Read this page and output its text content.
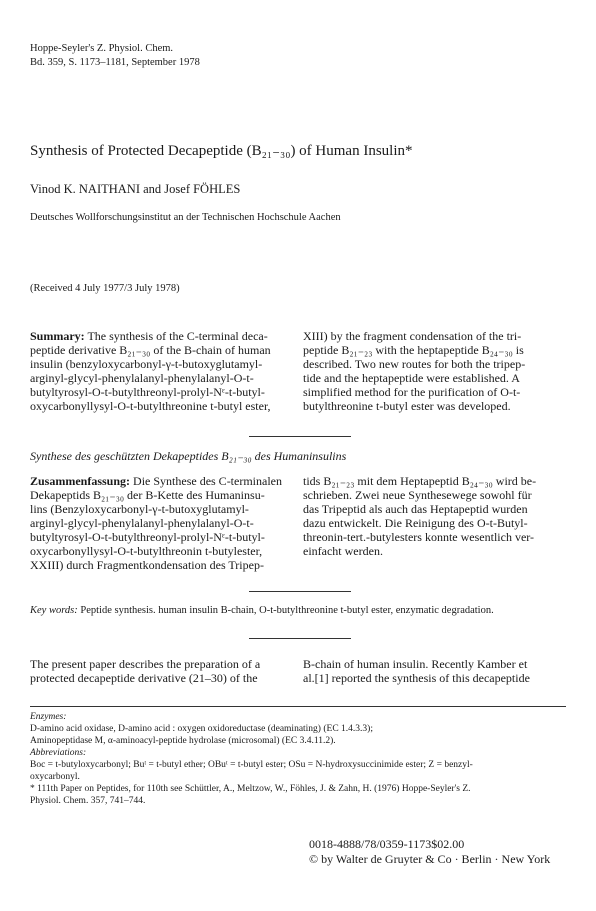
Hoppe-Seyler's Z. Physiol. Chem.
Bd. 359, S. 1173–1181, September 1978
Synthesis of Protected Decapeptide (B₂₁₋₃₀) of Human Insulin*
Vinod K. NAITHANI and Josef FÖHLES
Deutsches Wollforschungsinstitut an der Technischen Hochschule Aachen
(Received 4 July 1977/3 July 1978)
Summary: The synthesis of the C-terminal deca-
peptide derivative B₂₁₋₃₀ of the B-chain of human
insulin (benzyloxycarbonyl-γ-t-butoxyglutamyl-
arginyl-glycyl-phenylalanyl-phenylalanyl-O-t-
butyltyrosyl-O-t-butylthreonyl-prolyl-Nᵋ-t-butyl-
oxycarbonyllysyl-O-t-butylthreonine t-butyl ester,
XIII) by the fragment condensation of the tri-
peptide B₂₁₋₂₃ with the heptapeptide B₂₄₋₃₀ is
described. Two new routes for both the tripep-
tide and the heptapeptide were established. A
simplified method for the purification of O-t-
butylthreonine t-butyl ester was developed.
Synthese des geschützten Dekapeptides B₂₁₋₃₀ des Humaninsulins
Zusammenfassung: Die Synthese des C-terminalen
Dekapeptids B₂₁₋₃₀ der B-Kette des Humaninsu-
lins (Benzyloxycarbonyl-γ-t-butoxyglutamyl-
arginyl-glycyl-phenylalanyl-phenylalanyl-O-t-
butyltyrosyl-O-t-butylthreonyl-prolyl-Nᵋ-t-butyl-
oxycarbonyllysyl-O-t-butylthreonin t-butylester,
XXIII) durch Fragmentkondensation des Tripep-
tids B₂₁₋₂₃ mit dem Heptapeptid B₂₄₋₃₀ wird be-
schrieben. Zwei neue Synthesewege sowohl für
das Tripeptid als auch das Heptapeptid wurden
dazu entwickelt. Die Reinigung des O-t-Butyl-
threonin-tert.-butylesters konnte wesentlich ver-
einfacht werden.
Key words: Peptide synthesis. human insulin B-chain, O-t-butylthreonine t-butyl ester, enzymatic degradation.
The present paper describes the preparation of a
protected decapeptide derivative (21–30) of the
B-chain of human insulin. Recently Kamber et
al.[1] reported the synthesis of this decapeptide
Enzymes:
D-amino acid oxidase, D-amino acid : oxygen oxidoreductase (deaminating) (EC 1.4.3.3);
Aminopeptidase M, α-aminoacyl-peptide hydrolase (microsomal) (EC 3.4.11.2).
Abbreviations:
Boc = t-butyloxycarbonyl; Buᵗ = t-butyl ether; OBuᵗ = t-butyl ester; OSu = N-hydroxysuccinimide ester; Z = benzyl-
oxycarbonyl.
* 111th Paper on Peptides, for 110th see Schüttler, A., Meltzow, W., Föhles, J. & Zahn, H. (1976) Hoppe-Seyler's Z.
Physiol. Chem. 357, 741–744.
0018-4888/78/0359-1173$02.00
© by Walter de Gruyter & Co · Berlin · New York
